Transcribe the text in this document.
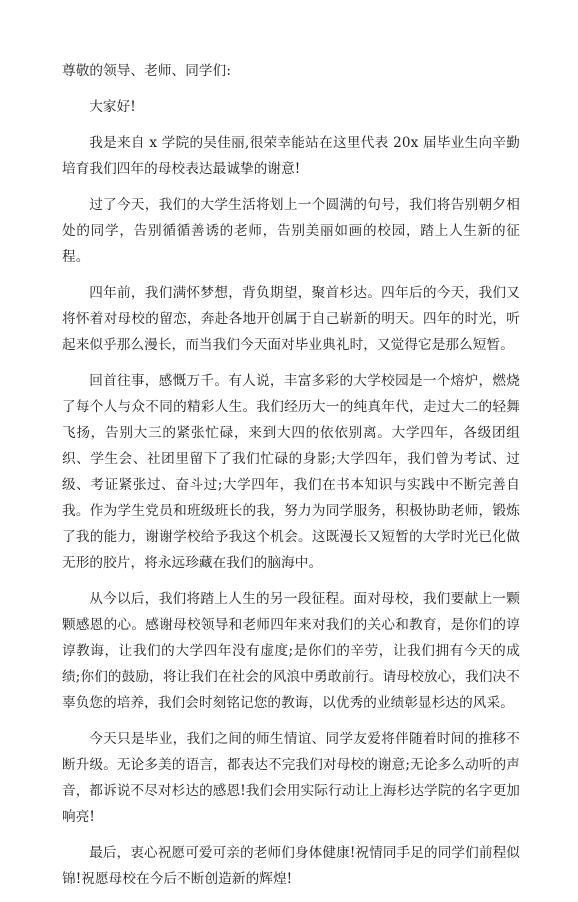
尊敬的领导、老师、同学们:

大家好!

我是来自 x 学院的吴佳丽,很荣幸能站在这里代表 20x 届毕业生向辛勤培育我们四年的母校表达最诚挚的谢意!

过了今天，我们的大学生活将划上一个圆满的句号，我们将告别朝夕相处的同学，告别循循善诱的老师，告别美丽如画的校园，踏上人生新的征程。

四年前，我们满怀梦想，背负期望，聚首杉达。四年后的今天，我们又将怀着对母校的留恋，奔赴各地开创属于自己崭新的明天。四年的时光，听起来似乎那么漫长，而当我们今天面对毕业典礼时，又觉得它是那么短暂。

回首往事，感慨万千。有人说，丰富多彩的大学校园是一个熔炉，燃烧了每个人与众不同的精彩人生。我们经历大一的纯真年代，走过大二的轻舞飞扬，告别大三的紧张忙碌，来到大四的依依别离。大学四年，各级团组织、学生会、社团里留下了我们忙碌的身影;大学四年，我们曾为考试、过级、考证紧张过、奋斗过;大学四年，我们在书本知识与实践中不断完善自我。作为学生党员和班级班长的我，努力为同学服务，积极协助老师，锻炼了我的能力，谢谢学校给予我这个机会。这既漫长又短暂的大学时光已化做无形的胶片，将永远珍藏在我们的脑海中。

从今以后，我们将踏上人生的另一段征程。面对母校，我们要献上一颗颗感恩的心。感谢母校领导和老师四年来对我们的关心和教育，是你们的谆谆教诲，让我们的大学四年没有虚度;是你们的辛劳，让我们拥有今天的成绩;你们的鼓励，将让我们在社会的风浪中勇敢前行。请母校放心，我们决不辜负您的培养，我们会时刻铭记您的教诲，以优秀的业绩彰显杉达的风采。

今天只是毕业，我们之间的师生情谊、同学友爱将伴随着时间的推移不断升级。无论多美的语言，都表达不完我们对母校的谢意;无论多么动听的声音，都诉说不尽对杉达的感恩!我们会用实际行动让上海杉达学院的名字更加响亮!

最后，衷心祝愿可爱可亲的老师们身体健康!祝情同手足的同学们前程似锦!祝愿母校在今后不断创造新的辉煌!
